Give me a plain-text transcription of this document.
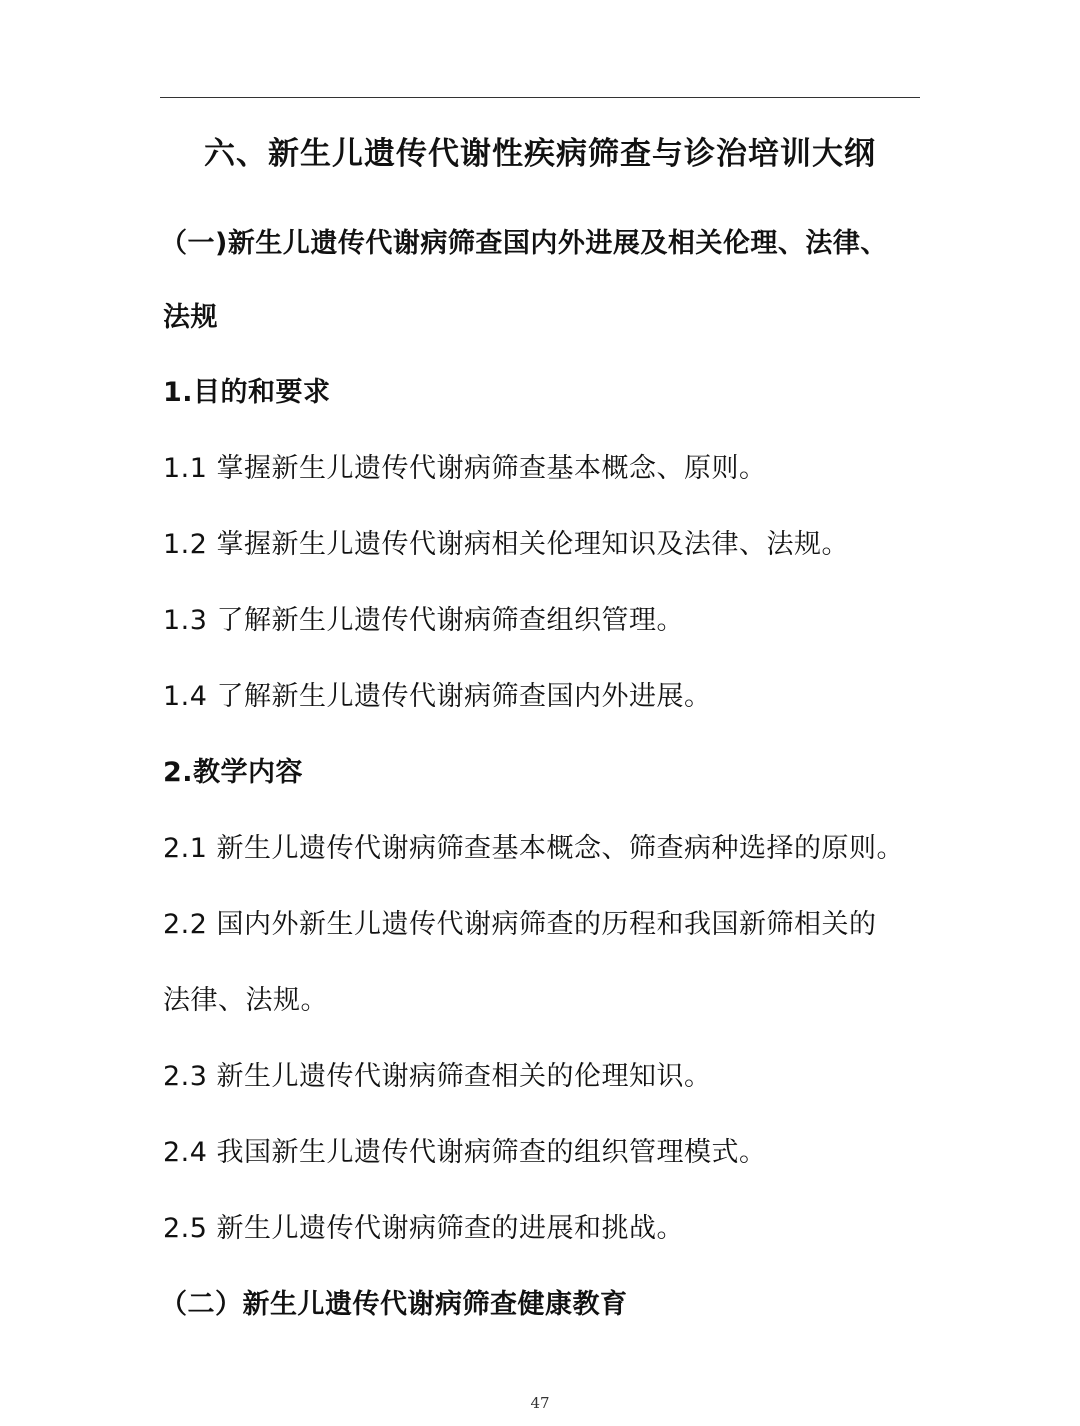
六、新生儿遗传代谢性疾病筛查与诊治培训大纲
（一)新生儿遗传代谢病筛查国内外进展及相关伦理、法律、
法规
1.目的和要求
1.1 掌握新生儿遗传代谢病筛查基本概念、原则。
1.2 掌握新生儿遗传代谢病相关伦理知识及法律、法规。
1.3 了解新生儿遗传代谢病筛查组织管理。
1.4 了解新生儿遗传代谢病筛查国内外进展。
2.教学内容
2.1 新生儿遗传代谢病筛查基本概念、筛查病种选择的原则。
2.2 国内外新生儿遗传代谢病筛查的历程和我国新筛相关的
法律、法规。
2.3 新生儿遗传代谢病筛查相关的伦理知识。
2.4 我国新生儿遗传代谢病筛查的组织管理模式。
2.5 新生儿遗传代谢病筛查的进展和挑战。
（二）新生儿遗传代谢病筛查健康教育
47
